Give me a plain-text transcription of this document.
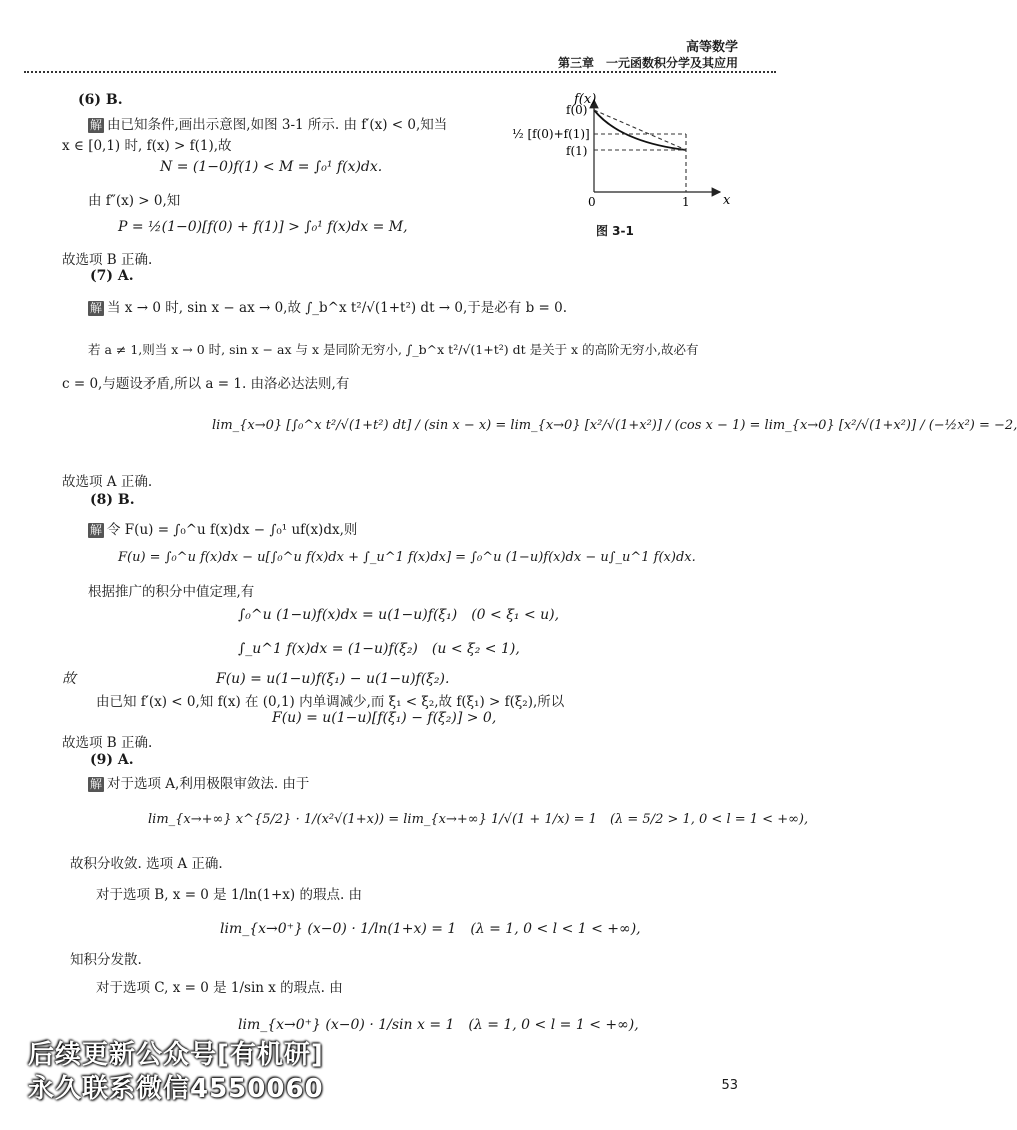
高等数学
第三章　一元函数积分学及其应用
(6) B.
解 由已知条件,画出示意图,如图 3-1 所示. 由 f′(x) < 0,知当
x ∈ [0,1) 时, f(x) > f(1),故
N = (1−0)f(1) < M = ∫₀¹ f(x)dx.
由 f″(x) > 0,知
P = ½(1−0)[f(0) + f(1)] > ∫₀¹ f(x)dx = M,
故选项 B 正确.
(7) A.
解 当 x → 0 时, sin x − ax → 0,故 ∫_b^x t²/√(1+t²) dt → 0,于是必有 b = 0.
若 a ≠ 1,则当 x → 0 时, sin x − ax 与 x 是同阶无穷小, ∫_b^x t²/√(1+t²) dt 是关于 x 的高阶无穷小,故必有
c = 0,与题设矛盾,所以 a = 1. 由洛必达法则,有
lim_{x→0} [∫₀^x t²/√(1+t²) dt] / (sin x − x) = lim_{x→0} [x²/√(1+x²)] / (cos x − 1) = lim_{x→0} [x²/√(1+x²)] / (−½x²) = −2,
故选项 A 正确.
(8) B.
解 令 F(u) = ∫₀^u f(x)dx − ∫₀¹ uf(x)dx,则
F(u) = ∫₀^u f(x)dx − u[∫₀^u f(x)dx + ∫_u^1 f(x)dx] = ∫₀^u (1−u)f(x)dx − u∫_u^1 f(x)dx.
根据推广的积分中值定理,有
∫₀^u (1−u)f(x)dx = u(1−u)f(ξ₁)　(0 < ξ₁ < u),
∫_u^1 f(x)dx = (1−u)f(ξ₂)　(u < ξ₂ < 1),
故　　　　　　　　　　F(u) = u(1−u)f(ξ₁) − u(1−u)f(ξ₂).
由已知 f′(x) < 0,知 f(x) 在 (0,1) 内单调减少,而 ξ₁ < ξ₂,故 f(ξ₁) > f(ξ₂),所以
F(u) = u(1−u)[f(ξ₁) − f(ξ₂)] > 0,
故选项 B 正确.
(9) A.
解 对于选项 A,利用极限审敛法. 由于
lim_{x→+∞} x^{5/2} · 1/(x²√(1+x)) = lim_{x→+∞} 1/√(1 + 1/x) = 1　(λ = 5/2 > 1, 0 < l = 1 < +∞),
故积分收敛. 选项 A 正确.
对于选项 B, x = 0 是 1/ln(1+x) 的瑕点. 由
lim_{x→0⁺} (x−0) · 1/ln(1+x) = 1　(λ = 1, 0 < l < 1 < +∞),
知积分发散.
对于选项 C, x = 0 是 1/sin x 的瑕点. 由
lim_{x→0⁺} (x−0) · 1/sin x = 1　(λ = 1, 0 < l = 1 < +∞),
f(x)
x
f(0)
½ [f(0)+f(1)]
f(1)
0	1
图 3-1
后续更新公众号[有机研]
永久联系微信4550060	53
